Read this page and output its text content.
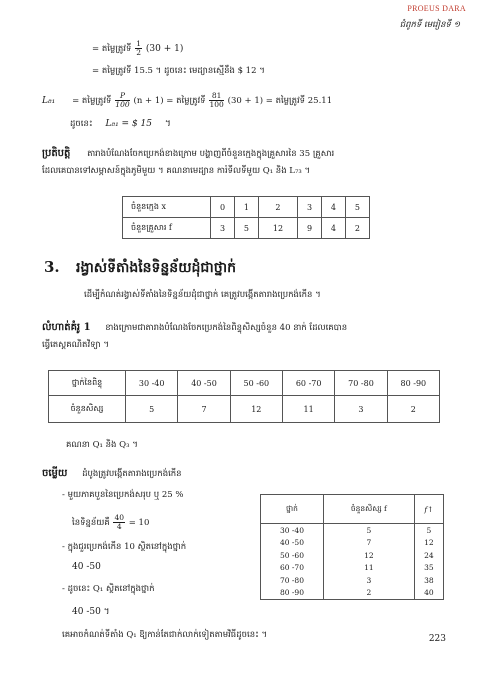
PROEUS DARA
ជំពូកទី មេរៀនទី ១
= តម្លៃត្រូវទី $\frac{1}{2} (30 + 1)$
= តម្លៃត្រូវទី 15.5 ។ ដូចនេះ មេដ្យានស្មើនឹង $ 12 ។
L₈₁ = តម្លៃត្រូវទី $\frac{P}{100} (n + 1)$ = តម្លៃត្រូវទី $\frac{81}{100} (30 + 1)$ = តម្លៃត្រូវទី 25.11
ដូចនេះ L₈₁ = $ 15 ។
ប្រតិបត្តិ តារាងបំណែងចែកប្រេកង់ខាងក្រោម បង្ហាញពីចំនួនក្មេងក្នុងគ្រួសារនៃ 35 គ្រួសារ
ដែលគេបានទៅសម្ភាសន៍ក្នុងភូមិមួយ ។ គណនាមេដ្យាន ការ៉ទីលទីមួយ Q₁ និង L₇₃ ។
ចំនួនក្មេង x	0	1	2	3	4	5
ចំនួនគ្រួសារ f	3	5	12	9	4	2
3. រង្វាស់ទីតាំងនៃទិន្នន័យដុំជាថ្នាក់
ដើម្បីកំណត់រង្វាស់ទីតាំងនៃទិន្នន័យដុំជាថ្នាក់ គេត្រូវបង្កើតតារាងប្រេកង់កើន ។
លំហាត់គំរូ 1 ខាងក្រោមជាតារាងបំណែងចែកប្រេកង់នៃពិន្ទុសិស្សចំនួន 40 នាក់ ដែលគេបាន
ធ្វើតេស្តគណិតវិទ្យា ។
ថ្នាក់នៃពិន្ទុ	30 -40	40 -50	50 -60	60 -70	70 -80	80 -90
ចំនួនសិស្ស	5	7	12	11	3	2
គណនា Q₁ និង Q₃ ។
ចម្លើយ ដំបូងត្រូវបង្កើតតារាងប្រេកង់កើន
- មួយភាគបួននៃប្រេកង់សរុប ឬ 25 %
នៃទិន្នន័យគឺ $\frac{40}{4} = 10$
- ក្នុងជួរប្រេកង់កើន 10 ស្ថិតនៅក្នុងថ្នាក់
40 -50
- ដូចនេះ Q₁ ស្ថិតនៅក្នុងថ្នាក់
40 -50 ។
ថ្នាក់	ចំនួនសិស្ស f	f↑
30 -40	5	5
40 -50	7	12
50 -60	12	24
60 -70	11	35
70 -80	3	38
80 -90	2	40
គេអាចកំណត់ទីតាំង Q₁ ឱ្យកាន់តែជាក់លាក់ទៀតតាមវិធីដូចនេះ ។	223
